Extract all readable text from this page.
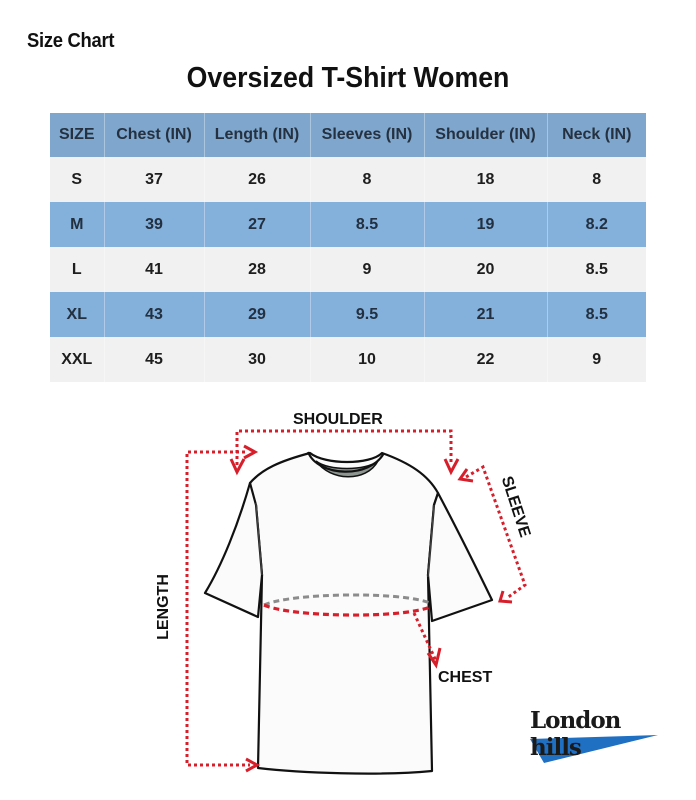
Size Chart
Oversized T-Shirt Women
SIZE	Chest (IN)	Length (IN)	Sleeves (IN)	Shoulder (IN)	Neck (IN)
S	37	26	8	18	8
M	39	27	8.5	19	8.2
L	41	28	9	20	8.5
XL	43	29	9.5	21	8.5
XXL	45	30	10	22	9
SHOULDER
SLEEVE
LENGTH
CHEST
London hills
